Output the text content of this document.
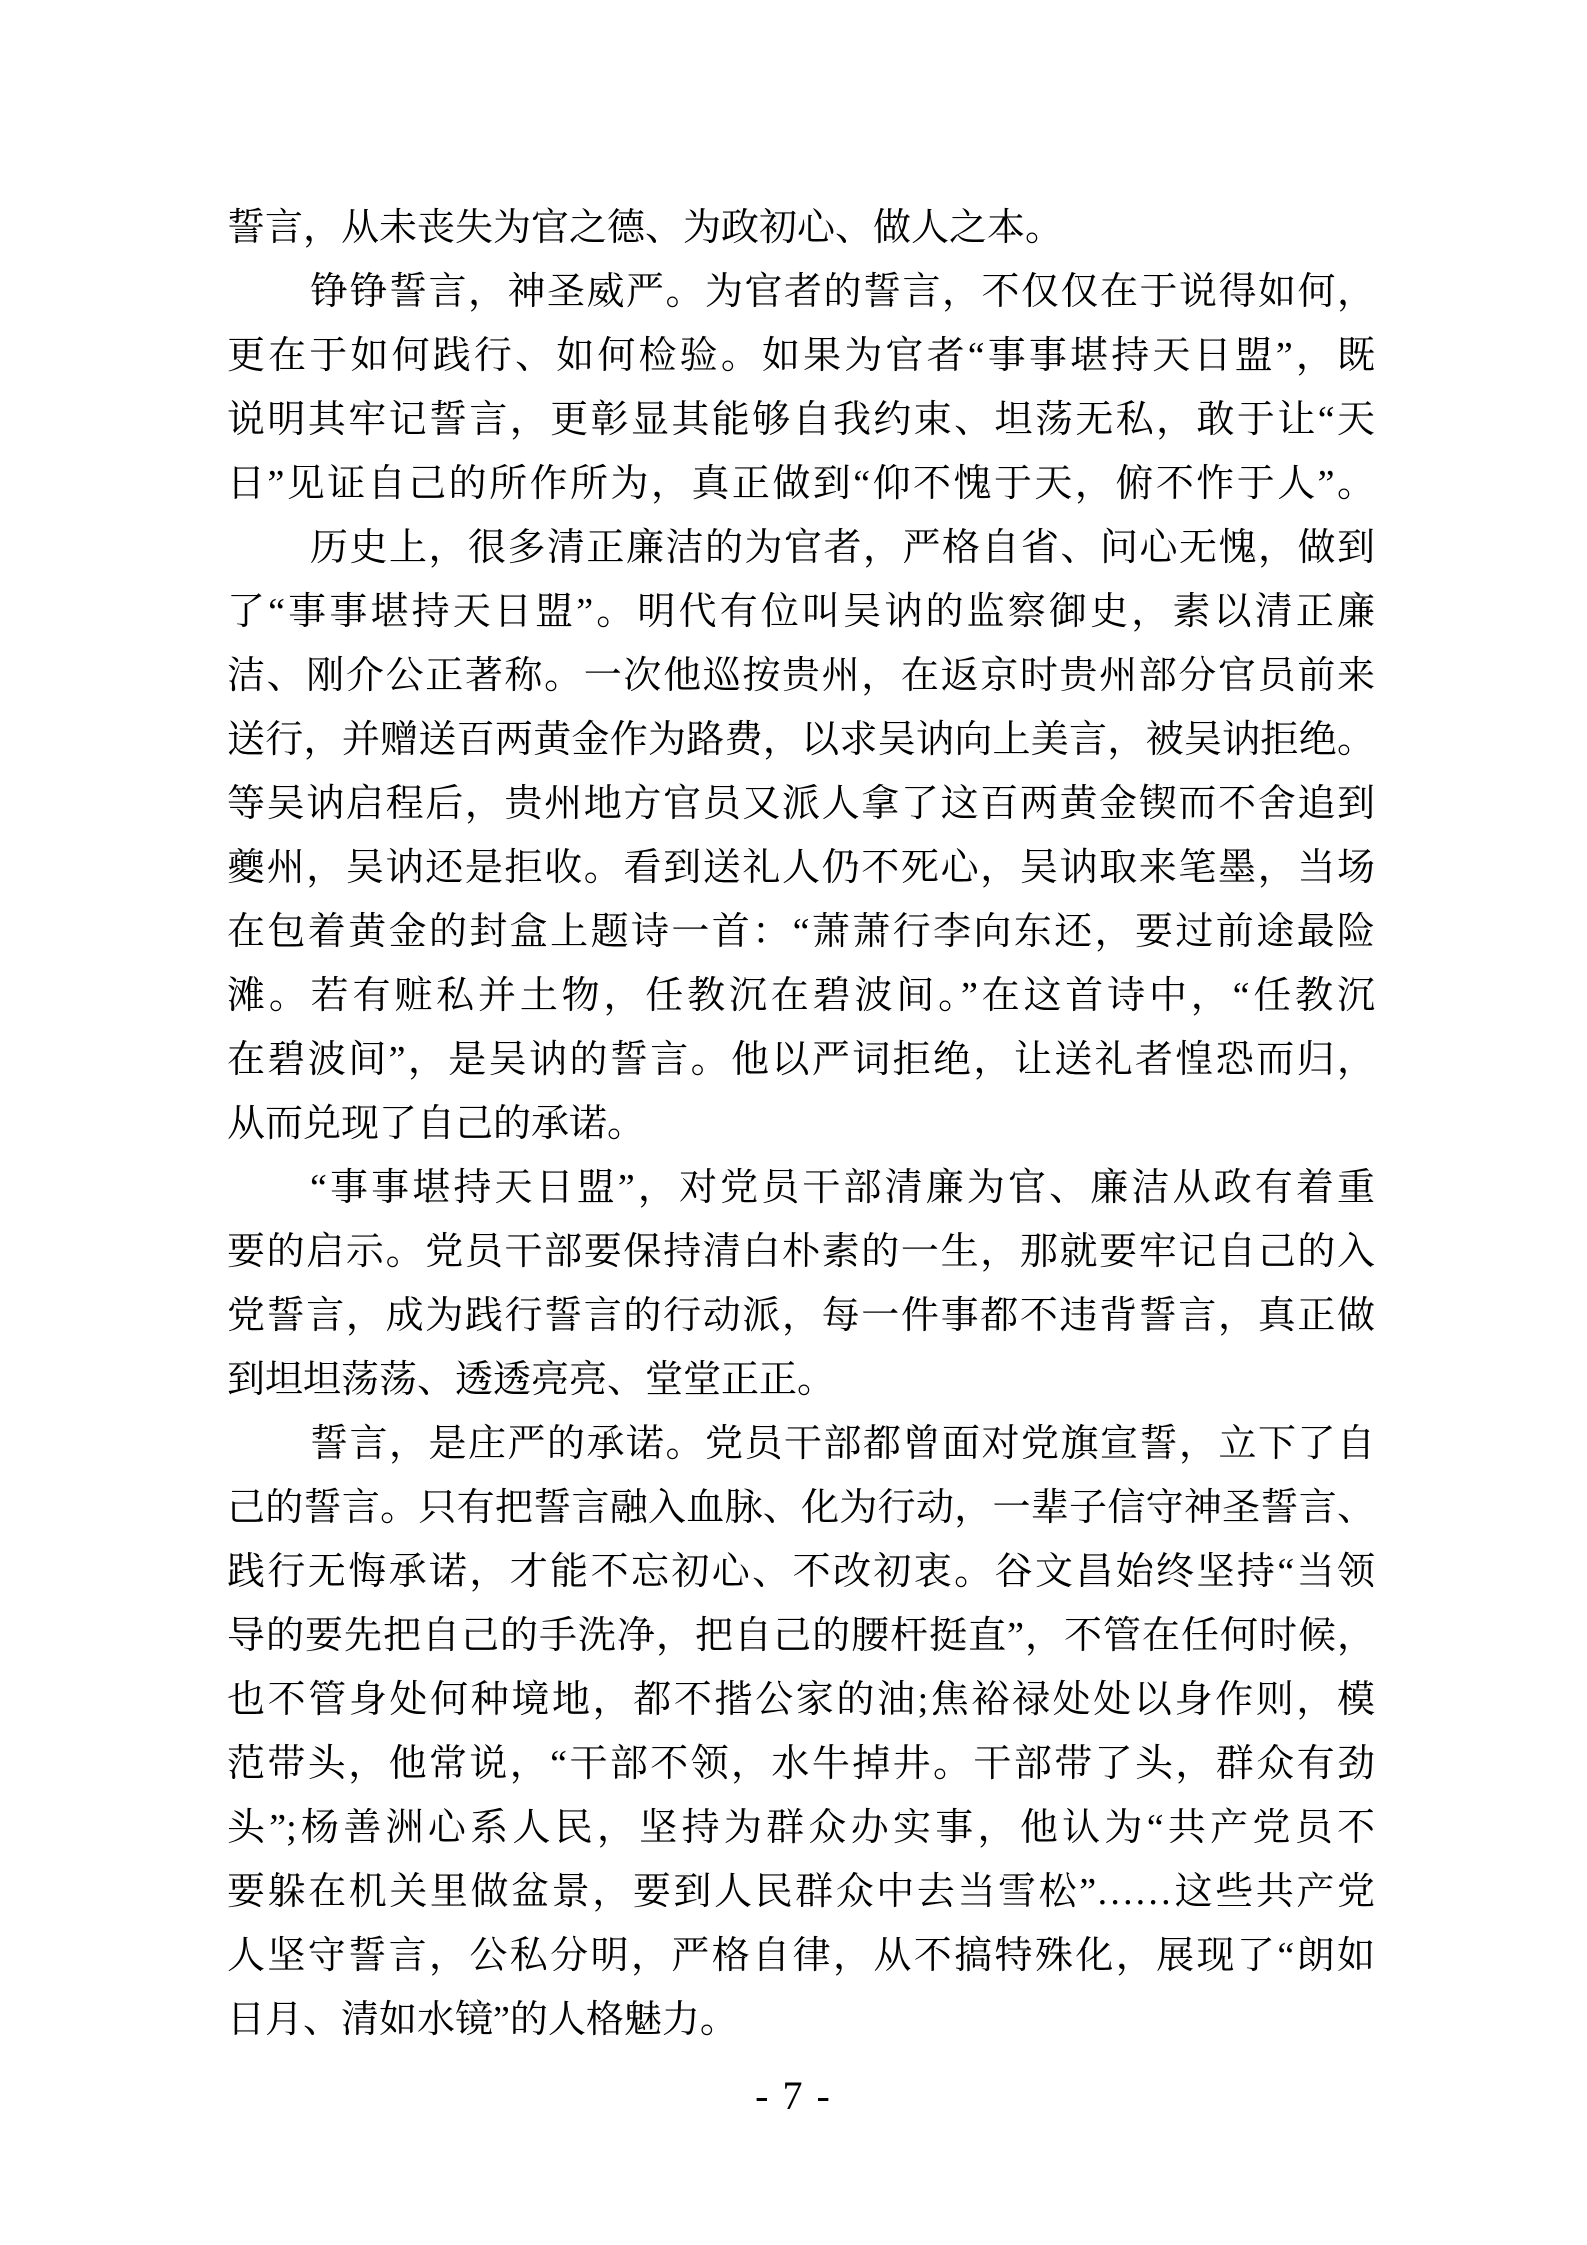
誓言，从未丧失为官之德、为政初心、做人之本。
铮铮誓言，神圣威严。为官者的誓言，不仅仅在于说得如何，
更在于如何践行、如何检验。如果为官者“事事堪持天日盟”，既
说明其牢记誓言，更彰显其能够自我约束、坦荡无私，敢于让“天
日”见证自己的所作所为，真正做到“仰不愧于天，俯不怍于人”。
历史上，很多清正廉洁的为官者，严格自省、问心无愧，做到
了“事事堪持天日盟”。明代有位叫吴讷的监察御史，素以清正廉
洁、刚介公正著称。一次他巡按贵州，在返京时贵州部分官员前来
送行，并赠送百两黄金作为路费，以求吴讷向上美言，被吴讷拒绝。
等吴讷启程后，贵州地方官员又派人拿了这百两黄金锲而不舍追到
夔州，吴讷还是拒收。看到送礼人仍不死心，吴讷取来笔墨，当场
在包着黄金的封盒上题诗一首：“萧萧行李向东还，要过前途最险
滩。若有赃私并土物，任教沉在碧波间。”在这首诗中，“任教沉
在碧波间”，是吴讷的誓言。他以严词拒绝，让送礼者惶恐而归，
从而兑现了自己的承诺。
“事事堪持天日盟”，对党员干部清廉为官、廉洁从政有着重
要的启示。党员干部要保持清白朴素的一生，那就要牢记自己的入
党誓言，成为践行誓言的行动派，每一件事都不违背誓言，真正做
到坦坦荡荡、透透亮亮、堂堂正正。
誓言，是庄严的承诺。党员干部都曾面对党旗宣誓，立下了自
己的誓言。只有把誓言融入血脉、化为行动，一辈子信守神圣誓言、
践行无悔承诺，才能不忘初心、不改初衷。谷文昌始终坚持“当领
导的要先把自己的手洗净，把自己的腰杆挺直”，不管在任何时候，
也不管身处何种境地，都不揩公家的油;焦裕禄处处以身作则，模
范带头，他常说，“干部不领，水牛掉井。干部带了头，群众有劲
头”;杨善洲心系人民，坚持为群众办实事，他认为“共产党员不
要躲在机关里做盆景，要到人民群众中去当雪松”……这些共产党
人坚守誓言，公私分明，严格自律，从不搞特殊化，展现了“朗如
日月、清如水镜”的人格魅力。
- 7 -
